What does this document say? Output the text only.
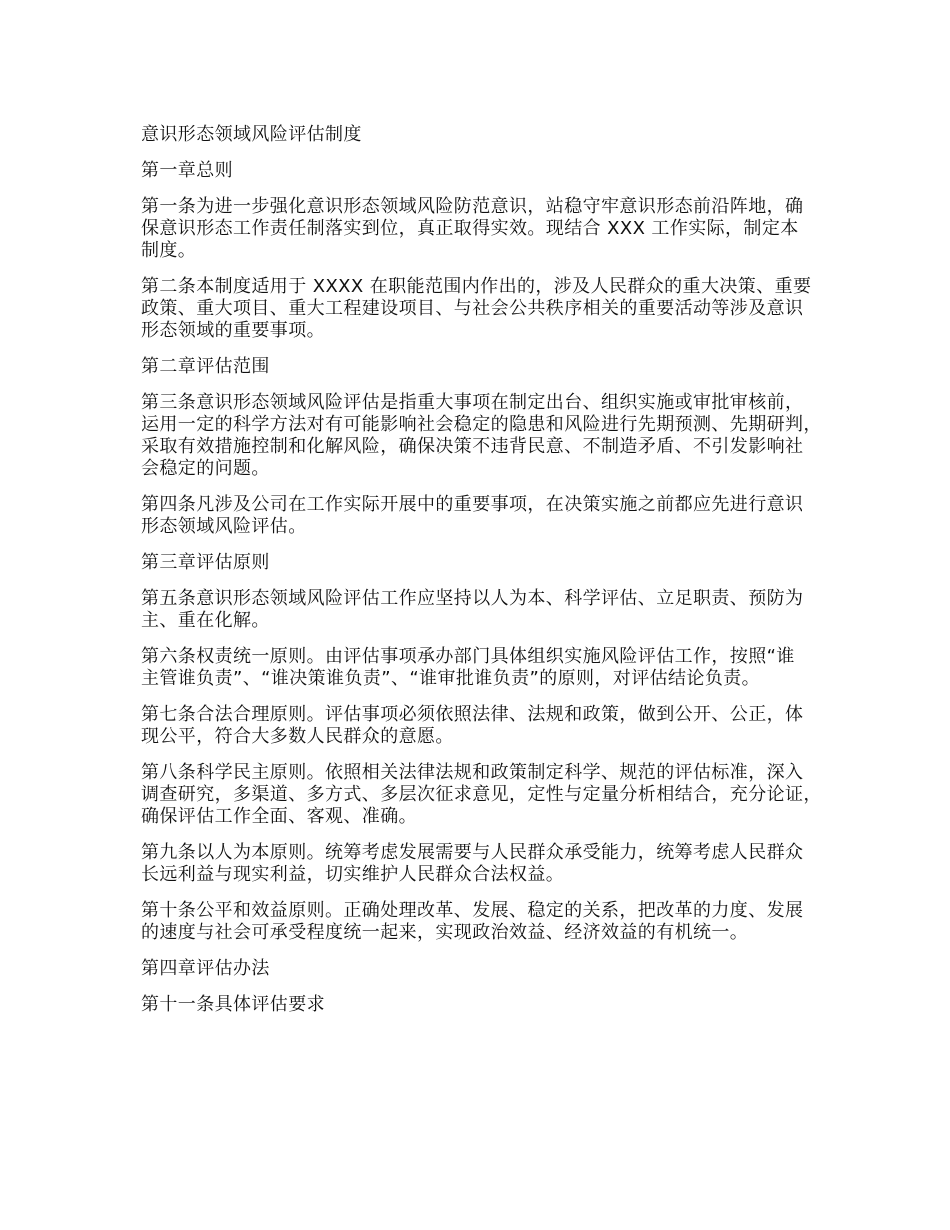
意识形态领域风险评估制度
第一章总则
第一条为进一步强化意识形态领域风险防范意识，站稳守牢意识形态前沿阵地，确
保意识形态工作责任制落实到位，真正取得实效。现结合 XXX 工作实际，制定本
制度。
第二条本制度适用于 XXXX 在职能范围内作出的，涉及人民群众的重大决策、重要
政策、重大项目、重大工程建设项目、与社会公共秩序相关的重要活动等涉及意识
形态领域的重要事项。
第二章评估范围
第三条意识形态领域风险评估是指重大事项在制定出台、组织实施或审批审核前，
运用一定的科学方法对有可能影响社会稳定的隐患和风险进行先期预测、先期研判，
采取有效措施控制和化解风险，确保决策不违背民意、不制造矛盾、不引发影响社
会稳定的问题。
第四条凡涉及公司在工作实际开展中的重要事项，在决策实施之前都应先进行意识
形态领域风险评估。
第三章评估原则
第五条意识形态领域风险评估工作应坚持以人为本、科学评估、立足职责、预防为
主、重在化解。
第六条权责统一原则。由评估事项承办部门具体组织实施风险评估工作，按照“谁
主管谁负责”、“谁决策谁负责”、“谁审批谁负责”的原则，对评估结论负责。
第七条合法合理原则。评估事项必须依照法律、法规和政策，做到公开、公正，体
现公平，符合大多数人民群众的意愿。
第八条科学民主原则。依照相关法律法规和政策制定科学、规范的评估标准，深入
调查研究，多渠道、多方式、多层次征求意见，定性与定量分析相结合，充分论证，
确保评估工作全面、客观、准确。
第九条以人为本原则。统筹考虑发展需要与人民群众承受能力，统筹考虑人民群众
长远利益与现实利益，切实维护人民群众合法权益。
第十条公平和效益原则。正确处理改革、发展、稳定的关系，把改革的力度、发展
的速度与社会可承受程度统一起来，实现政治效益、经济效益的有机统一。
第四章评估办法
第十一条具体评估要求
